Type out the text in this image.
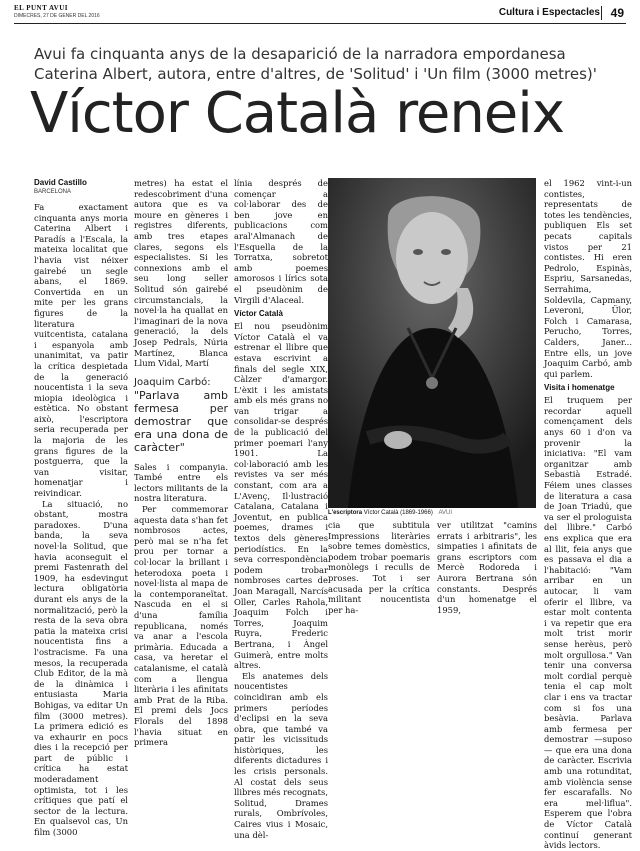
EL PUNT AVUI
DIMECRES, 27 DE GENER DEL 2016	Cultura i Espectacles 49
Avui fa cinquanta anys de la desaparició de la narradora empordanesa Caterina Albert, autora, entre d'altres, de 'Solitud' i 'Un film (3000 metres)'
Víctor Català reneix
David Castillo
BARCELONA

Fa exactament cinquanta anys moria Caterina Albert i Paradís a l'Escala, la mateixa localitat que l'havia vist néixer gairebé un segle abans, el 1869. Convertida en un mite per les grans figures de la literatura vuitcentista, catalana i espanyola amb unanimitat, va patir la crítica despietada de la generació noucentista i la seva miopia ideològica i estètica. No obstant això, l'escriptora seria recuperada per la majoria de les grans figures de la postguerra, que la van visitar, homenatjar i reivindicar.

La situació, no obstant, mostra paradoxes. D'una banda, la seva novel·la Solitud, que havia aconseguit el premi Fastenrath del 1909, ha esdevingut lectura obligatòria durant els anys de la normalització, però la resta de la seva obra patia la mateixa crisi noucentista fins a l'ostracisme. Fa una mesos, la recuperada Club Editor, de la mà de la dinàmica i entusiasta Maria Bohigas, va editar Un film (3000 metres). La primera edició es va exhaurir en pocs dies i la recepció per part de públic i crítica ha estat moderadament optimista, tot i les crítiques que patí el sector de la lectura. En qualsevol cas, Un film (3000

metres) ha estat el redescobriment d'una autora que es va moure en gèneres i registres diferents, amb tres etapes clares, segons els especialistes. Si les connexions amb el seu long seller Solitud són gairebé circumstancials, la novel·la ha quallat en l'imaginari de la nova generació, la dels Josep Pedrals, Núria Martínez, Blanca Llum Vidal, Martí

Joaquim Carbó:
"Parlava amb fermesa per demostrar que era una dona de caràcter"

Sales i companyia. També entre els lectors militants de la nostra literatura.

Per commemorar aquesta data s'han fet nombrosos actes, però mai se n'ha fet prou per tornar a col·locar la brillant i heterodoxa poeta i novel·lista al mapa de la contemporaneïtat. Nascuda en el si d'una família republicana, només va anar a l'escola primària. Educada a casa, va heretar el catalanisme, el català com a llengua literària i les afinitats amb Prat de la Riba. El premi dels Jocs Florals del 1898 l'havia situat en primera

línia després de començar a col·laborar des de ben jove en publicacions com aral'Almanach de l'Esquella de la Torratxa, sobretot amb poemes amorosos i lírics sota el pseudònim de Virgili d'Alaceal.

Víctor Català

El nou pseudònim Víctor Català el va estrenar el llibre que estava escrivint a finals del segle XIX, Càlzer d'amargor. L'èxit i les amistats amb els més grans no van trigar a consolidar-se després de la publicació del primer poemari l'any 1901. La col·laboració amb les revistes va ser més constant, com ara a L'Avenç, Il·lustració Catalana, Catalana i Joventut, en publica poemes, drames i textos dels gèneres periodístics. En la seva correspondència podem trobar nombroses cartes de Joan Maragall, Narcís Oller, Carles Rahola, Joaquim Folch i Torres, Joaquim Ruyra, Frederic Bertrana, i Àngel Guimerà, entre molts altres.

Els anatemes dels noucentistes coincidiran amb els primers períodes d'eclipsi en la seva obra, que també va patir les vicissituds històriques, les diferents dictadures i les crisis personals. Al costat dels seus llibres més recognats, Solitud, Drames rurals, Ombrívoles, Caires vius i Mosaic, una dèl-

L'escriptora Víctor Català (1869-1966) AVUI

cia que subtitula Impressions literàries sobre temes domèstics, podem trobar poemaris monòlegs i reculls de proses. Tot i ser acusada per la crítica militant noucentista per ha-

ver utilitzat "camins errats i arbitraris", les simpaties i afinitats de grans escriptors com Mercè Rodoreda i Aurora Bertrana són constants. Després d'un homenatge el 1959,

el 1962 vint-i-un contistes, representats de totes les tendències, publiquen Els set pecats capitals vistos per 21 contistes. Hi eren Pedrolo, Espinàs, Espriu, Sarsanedas, Serrahima, Soldevila, Capmany, Leveroni, Ülor, Folch i Camarasa, Perucho, Torres, Calders, Janer... Entre ells, un jove Joaquim Carbó, amb qui parlem.

Visita i homenatge

El truquem per recordar aquell començament dels anys 60 i d'on va provenir la iniciativa: "El vam organitzar amb Sebastià Estradé. Féiem unes classes de literatura a casa de Joan Triadú, que va ser el prologuista del llibre." Carbó ens explica que era al llit, feia anys que es passava el dia a l'habitació: "Vam arribar en un autocar, li vam oferir el llibre, va estar molt contenta i va repetir que era molt trist morir sense herèus, però molt orgullosa." Van tenir una conversa molt cordial perquè tenia el cap molt clar i ens va tractar com si fos una besàvia. Parlava amb fermesa per demostrar —suposo— que era una dona de caràcter. Escrivia amb una rotunditat, amb violència sense fer escarafalls. No era mel·liflua". Esperem que l'obra de Víctor Català continuí generant àvids lectors.
